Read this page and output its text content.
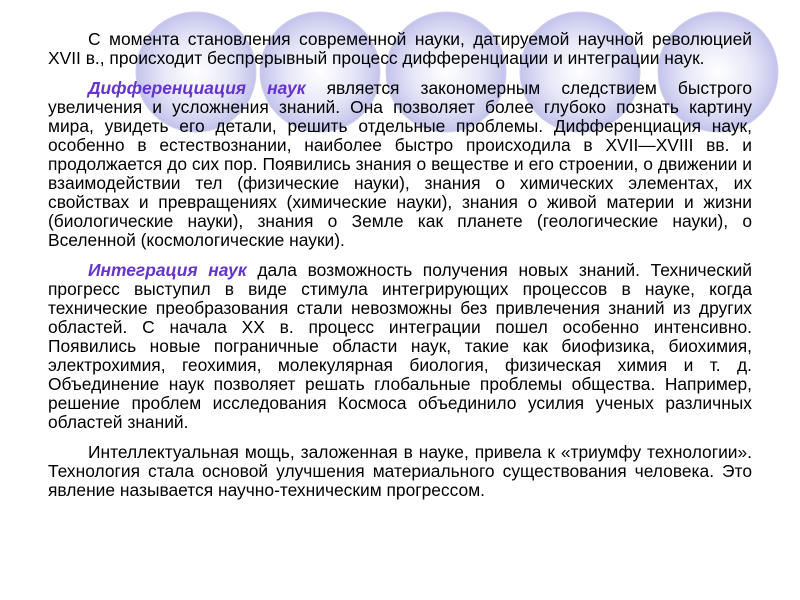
С момента становления современной науки, датируемой научной революцией XVII в., происходит беспрерывный процесс дифференциации и интеграции наук.

Дифференциация наук является закономерным следствием быстрого увеличения и усложнения знаний. Она позволяет более глубоко познать картину мира, увидеть его детали, решить отдельные проблемы. Дифференциация наук, особенно в естествознании, наиболее быстро происходила в XVII—XVIII вв. и продолжается до сих пор. Появились знания о веществе и его строении, о движении и взаимодействии тел (физические науки), знания о химических элементах, их свойствах и превращениях (химические науки), знания о живой материи и жизни (биологические науки), знания о Земле как планете (геологические науки), о Вселенной (космологические науки).

Интеграция наук дала возможность получения новых знаний. Технический прогресс выступил в виде стимула интегрирующих процессов в науке, когда технические преобразования стали невозможны без привлечения знаний из других областей. С начала XX в. процесс интеграции пошел особенно интенсивно. Появились новые пограничные области наук, такие как биофизика, биохимия, электрохимия, геохимия, молекулярная биология, физическая химия и т. д. Объединение наук позволяет решать глобальные проблемы общества. Например, решение проблем исследования Космоса объединило усилия ученых различных областей знаний.

Интеллектуальная мощь, заложенная в науке, привела к «триумфу технологии». Технология стала основой улучшения материального существования человека. Это явление называется научно-техническим прогрессом.
